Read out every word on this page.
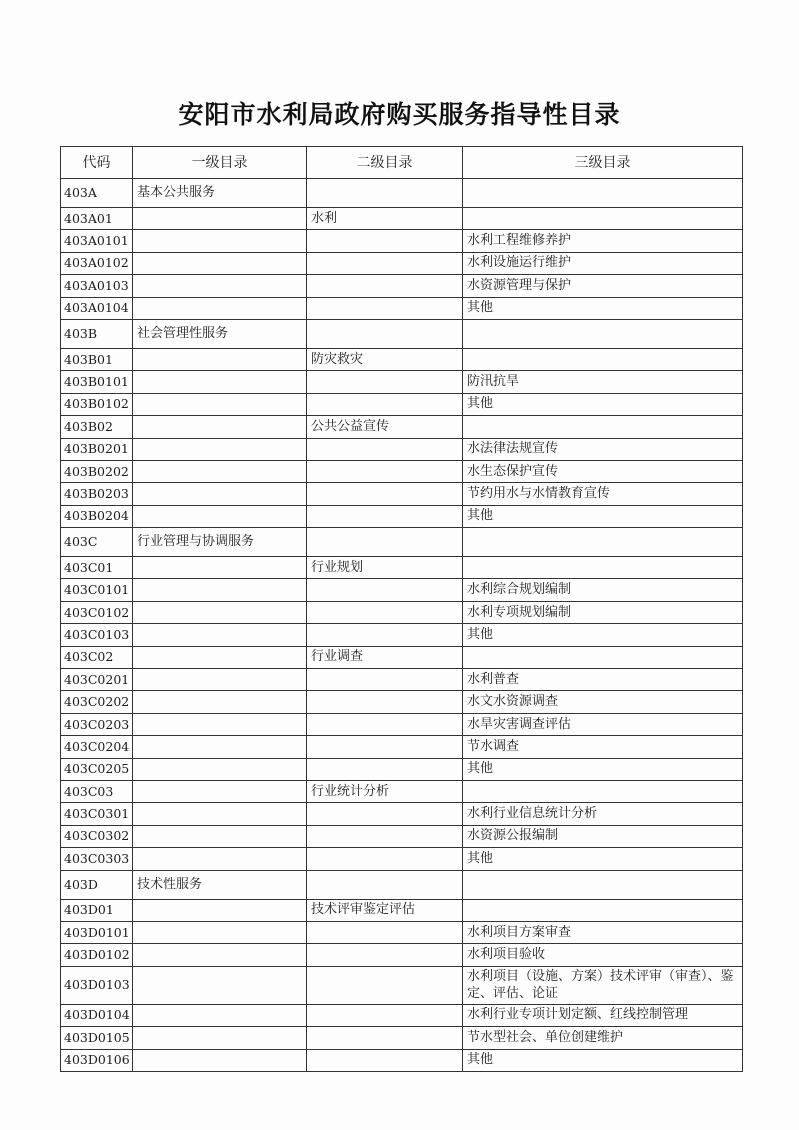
安阳市水利局政府购买服务指导性目录
代码	一级目录	二级目录	三级目录
403A	基本公共服务		
403A01		水利	
403A0101			水利工程维修养护
403A0102			水利设施运行维护
403A0103			水资源管理与保护
403A0104			其他
403B	社会管理性服务		
403B01		防灾救灾	
403B0101			防汛抗旱
403B0102			其他
403B02		公共公益宣传	
403B0201			水法律法规宣传
403B0202			水生态保护宣传
403B0203			节约用水与水情教育宣传
403B0204			其他
403C	行业管理与协调服务		
403C01		行业规划	
403C0101			水利综合规划编制
403C0102			水利专项规划编制
403C0103			其他
403C02		行业调查	
403C0201			水利普查
403C0202			水文水资源调查
403C0203			水旱灾害调查评估
403C0204			节水调查
403C0205			其他
403C03		行业统计分析	
403C0301			水利行业信息统计分析
403C0302			水资源公报编制
403C0303			其他
403D	技术性服务		
403D01		技术评审鉴定评估	
403D0101			水利项目方案审查
403D0102			水利项目验收
403D0103			水利项目（设施、方案）技术评审（审查）、鉴定、评估、论证
403D0104			水利行业专项计划定额、红线控制管理
403D0105			节水型社会、单位创建维护
403D0106			其他
